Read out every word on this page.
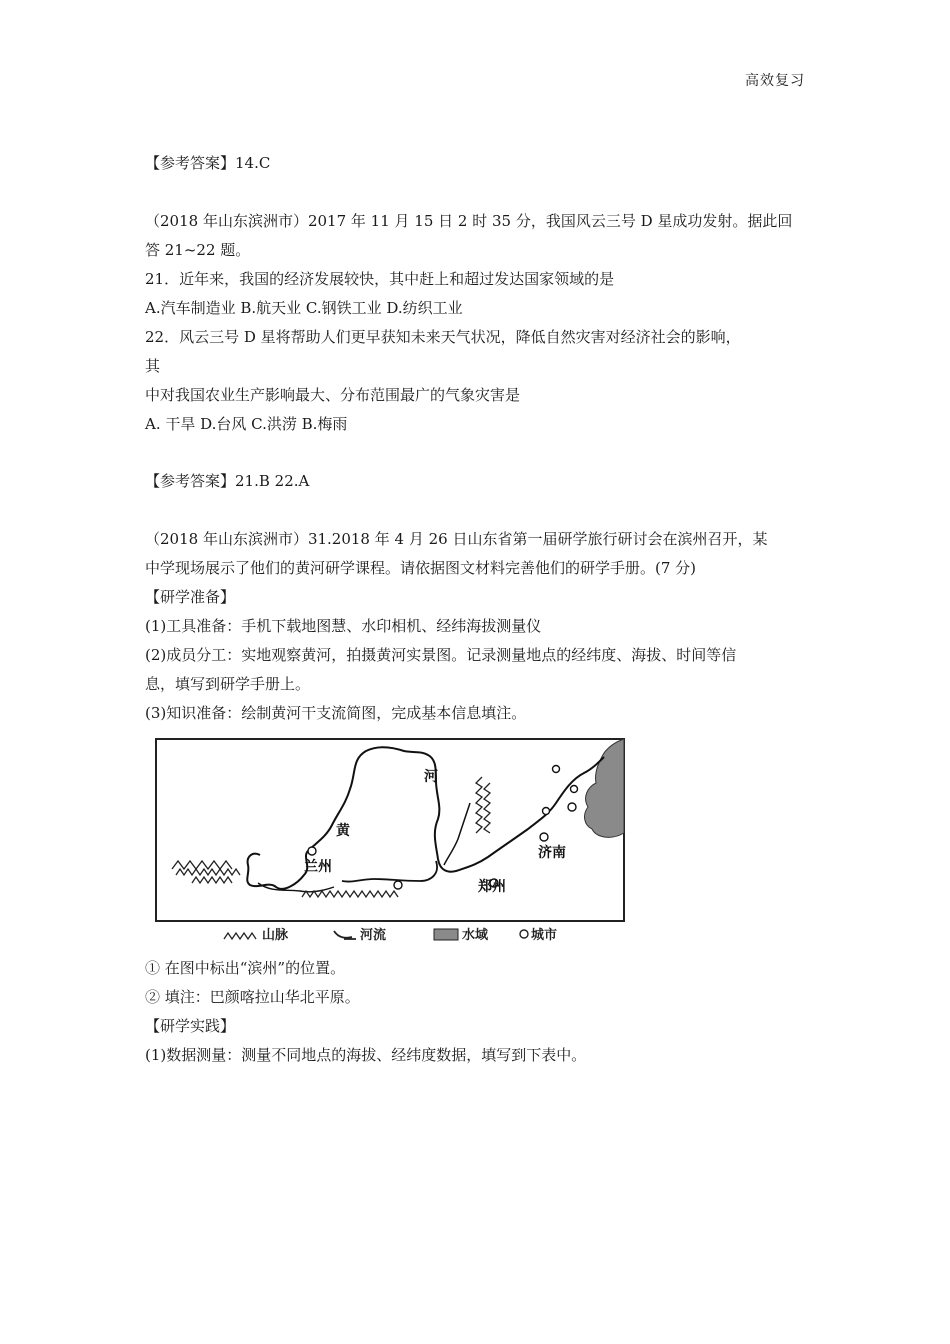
高效复习
【参考答案】14.C
（2018 年山东滨洲市）2017 年 11 月 15 日 2 时 35 分，我国风云三号 D 星成功发射。据此回
答 21~22 题。
21．近年来，我国的经济发展较快，其中赶上和超过发达国家领域的是
A.汽车制造业 B.航天业 C.钢铁工业 D.纺织工业
22．风云三号 D 星将帮助人们更早获知未来天气状况，降低自然灾害对经济社会的影响，
其
中对我国农业生产影响最大、分布范围最广的气象灾害是
A. 干旱 D.台风 C.洪涝 B.梅雨
【参考答案】21.B 22.A
（2018 年山东滨洲市）31.2018 年 4 月 26 日山东省第一届研学旅行研讨会在滨州召开，某
中学现场展示了他们的黄河研学课程。请依据图文材料完善他们的研学手册。(7 分)
【研学准备】
(1)工具准备：手机下载地图慧、水印相机、经纬海拔测量仪
(2)成员分工：实地观察黄河，拍摄黄河实景图。记录测量地点的经纬度、海拔、时间等信
息，填写到研学手册上。
(3)知识准备：绘制黄河干支流简图，完成基本信息填注。
河
黄
兰州
郑州
济南
山脉	河流	水域	城市
① 在图中标出“滨州”的位置。
② 填注：巴颜喀拉山华北平原。
【研学实践】
(1)数据测量：测量不同地点的海拔、经纬度数据，填写到下表中。
